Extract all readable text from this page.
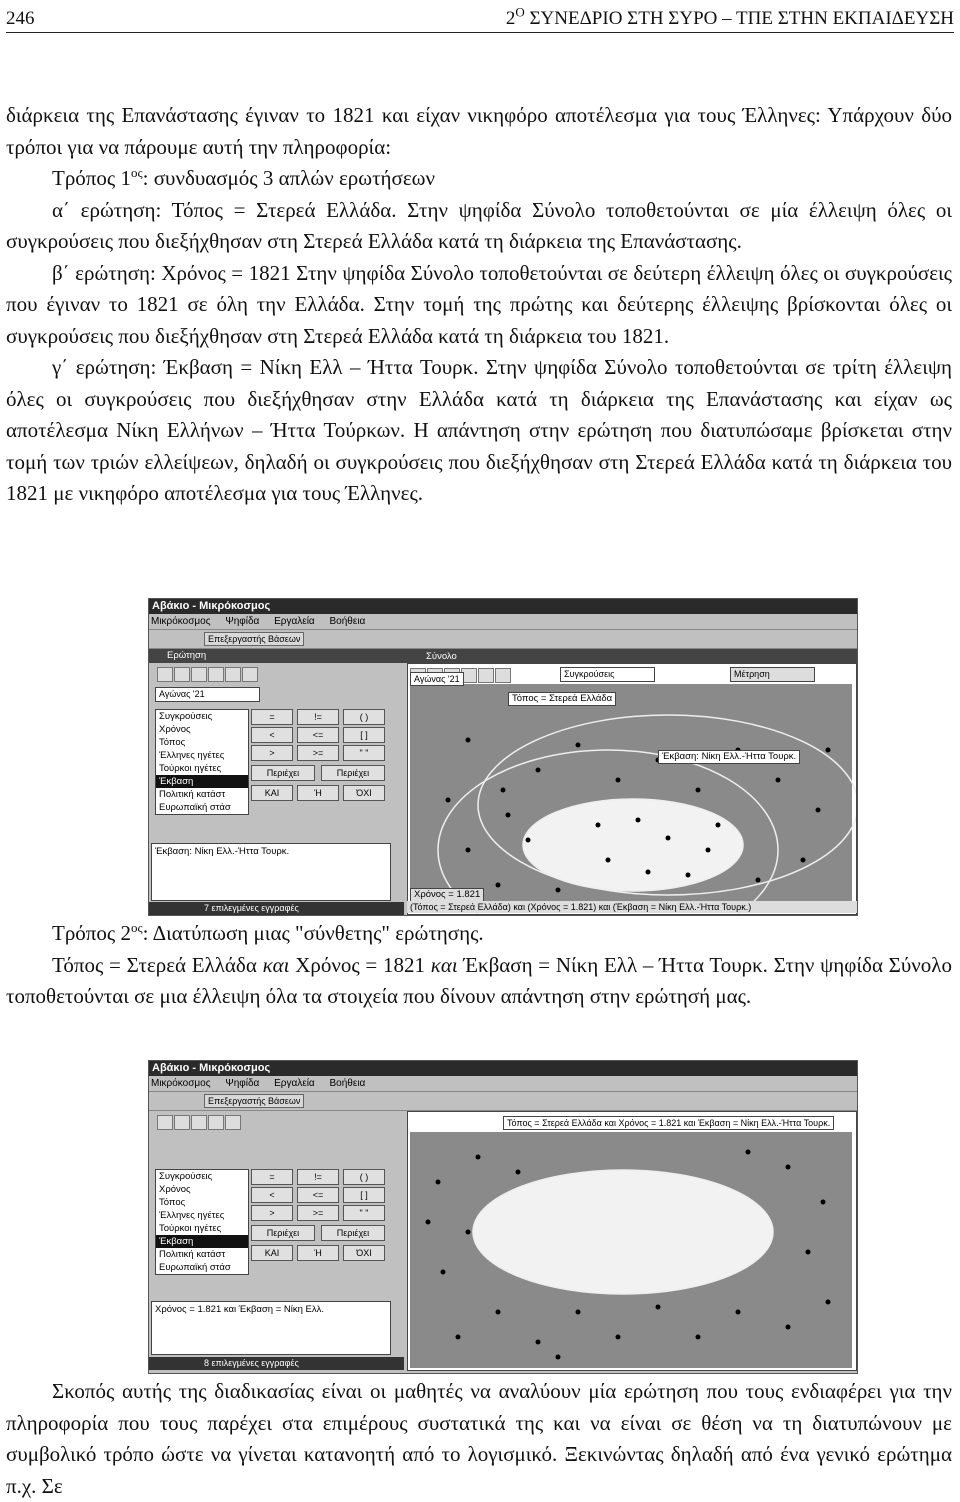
246	$2^O$ ΣΥΝΕΔΡΙΟ ΣΤΗ ΣΥΡΟ – ΤΠΕ ΣΤΗΝ ΕΚΠΑΙΔΕΥΣΗ

διάρκεια της Επανάστασης έγιναν το 1821 και είχαν νικηφόρο αποτέλεσμα για τους Έλληνες: Υπάρχουν δύο τρόποι για να πάρουμε αυτή την πληροφορία:

Τρόπος $1^{o\varsigma}$: συνδυασμός 3 απλών ερωτήσεων

α΄ ερώτηση: Τόπος = Στερεά Ελλάδα. Στην ψηφίδα Σύνολο τοποθετούνται σε μία έλλειψη όλες οι συγκρούσεις που διεξήχθησαν στη Στερεά Ελλάδα κατά τη διάρκεια της Επανάστασης.

β΄ ερώτηση: Χρόνος = 1821 Στην ψηφίδα Σύνολο τοποθετούνται σε δεύτερη έλλειψη όλες οι συγκρούσεις που έγιναν το 1821 σε όλη την Ελλάδα. Στην τομή της πρώτης και δεύτερης έλλειψης βρίσκονται όλες οι συγκρούσεις που διεξήχθησαν στη Στερεά Ελλάδα κατά τη διάρκεια του 1821.

γ΄ ερώτηση: Έκβαση = Νίκη Ελλ – Ήττα Τουρκ. Στην ψηφίδα Σύνολο τοποθετούνται σε τρίτη έλλειψη όλες οι συγκρούσεις που διεξήχθησαν στην Ελλάδα κατά τη διάρκεια της Επανάστασης και είχαν ως αποτέλεσμα Νίκη Ελλήνων – Ήττα Τούρκων. Η απάντηση στην ερώτηση που διατυπώσαμε βρίσκεται στην τομή των τριών ελλείψεων, δηλαδή οι συγκρούσεις που διεξήχθησαν στη Στερεά Ελλάδα κατά τη διάρκεια του 1821 με νικηφόρο αποτέλεσμα για τους Έλληνες.

Αβάκιο - Μικρόκοσμος
Μικρόκοσμος Ψηφίδα Εργαλεία Βοήθεια
Επεξεργαστής Βάσεων
Ερώτηση
Αγώνας '21
Συγκρούσεις
Χρόνος
Τόπος
Έλληνες ηγέτες
Τούρκοι ηγέτες
Έκβαση
Πολιτική κατάστ
Ευρωπαϊκή στάσ
=	!=	( )
<	<=	[ ]
>	>=	" "
Περιέχει	Περιέχει
ΚΑΙ	Ή	ΌΧΙ
Έκβαση: Νίκη Ελλ.-Ήττα Τουρκ.
7 επιλεγμένες εγγραφές
Σύνολο
Συγκρούσεις	Μέτρηση
Τόπος = Στερεά Ελλάδα
Έκβαση: Νίκη Ελλ.-Ήττα Τουρκ.
Χρόνος = 1.821
Αγώνας '21
(Τόπος = Στερεά Ελλάδα) και (Χρόνος = 1.821) και (Έκβαση = Νίκη Ελλ.-Ήττα Τουρκ.)

Τρόπος $2^{o\varsigma}$: Διατύπωση μιας "σύνθετης" ερώτησης.

Τόπος = Στερεά Ελλάδα και Χρόνος = 1821 και Έκβαση = Νίκη Ελλ – Ήττα Τουρκ. Στην ψηφίδα Σύνολο τοποθετούνται σε μια έλλειψη όλα τα στοιχεία που δίνουν απάντηση στην ερώτησή μας.

Αβάκιο - Μικρόκοσμος
Μικρόκοσμος Ψηφίδα Εργαλεία Βοήθεια
Επεξεργαστής Βάσεων
Συγκρούσεις
Χρόνος
Τόπος
Έλληνες ηγέτες
Τούρκοι ηγέτες
Έκβαση
Πολιτική κατάστ
Ευρωπαϊκή στάσ
=	!=	( )
<	<=	[ ]
>	>=	" "
Περιέχει	Περιέχει
ΚΑΙ	Ή	ΌΧΙ
Χρόνος = 1.821 και Έκβαση = Νίκη Ελλ.
8 επιλεγμένες εγγραφές
Τόπος = Στερεά Ελλάδα και Χρόνος = 1.821 και Έκβαση = Νίκη Ελλ.-Ήττα Τουρκ.

Σκοπός αυτής της διαδικασίας είναι οι μαθητές να αναλύουν μία ερώτηση που τους ενδιαφέρει για την πληροφορία που τους παρέχει στα επιμέρους συστατικά της και να είναι σε θέση να τη διατυπώνουν με συμβολικό τρόπο ώστε να γίνεται κατανοητή από το λογισμικό. Ξεκινώντας δηλαδή από ένα γενικό ερώτημα π.χ. Σε
